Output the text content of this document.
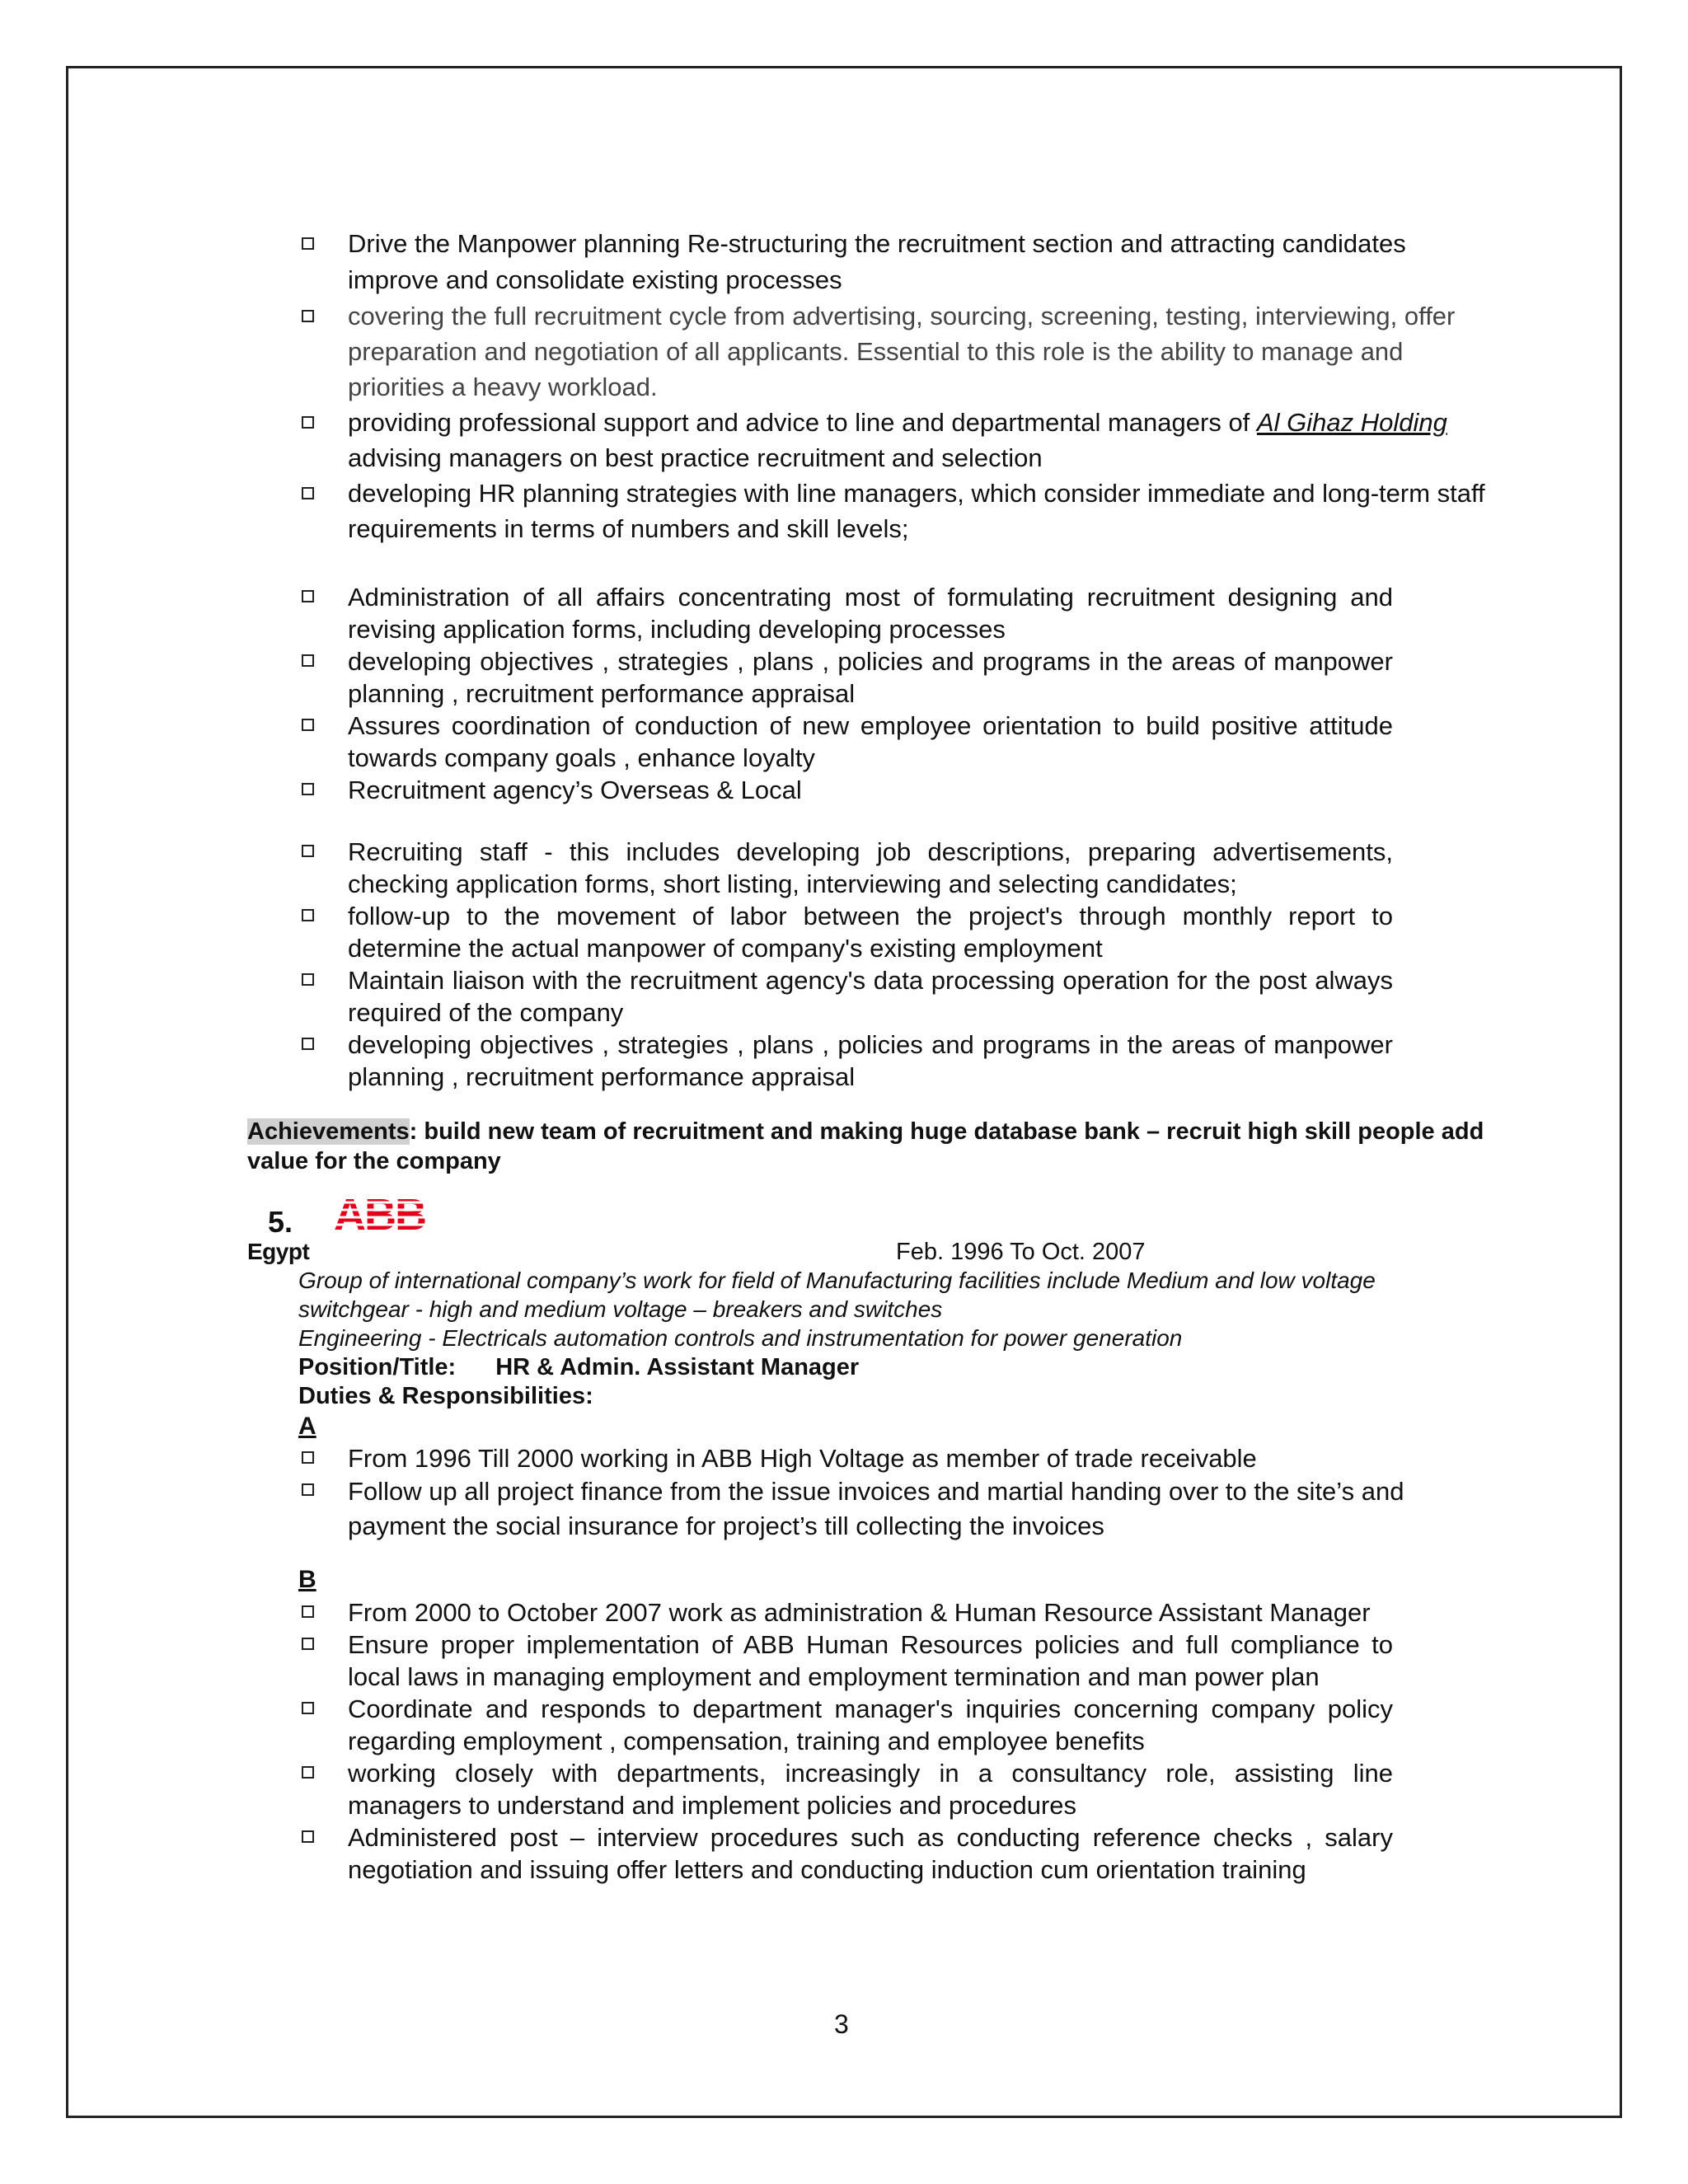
Drive the Manpower planning Re-structuring the recruitment section and attracting candidates improve and consolidate existing processes
covering the full recruitment cycle from advertising, sourcing, screening, testing, interviewing, offer preparation and negotiation of all applicants. Essential to this role is the ability to manage and priorities a heavy workload.
providing professional support and advice to line and departmental managers of Al Gihaz Holding advising managers on best practice recruitment and selection
developing HR planning strategies with line managers, which consider immediate and long-term staff requirements in terms of numbers and skill levels;
Administration of all affairs concentrating most of formulating recruitment designing and revising application forms, including developing processes
developing objectives , strategies , plans , policies and programs in the areas of manpower planning , recruitment performance appraisal
Assures coordination of conduction of new employee orientation to build positive attitude towards company goals , enhance loyalty
Recruitment agency’s Overseas & Local
Recruiting staff - this includes developing job descriptions, preparing advertisements, checking application forms, short listing, interviewing and selecting candidates;
follow-up to the movement of labor between the project's through monthly report to determine the actual manpower of company's existing employment
Maintain liaison with the recruitment agency's data processing operation for the post always required of the company
developing objectives , strategies , plans , policies and programs in the areas of manpower planning , recruitment performance appraisal
Achievements: build new team of recruitment and making huge database bank – recruit high skill people add value for the company
5. ABB
Egypt	Feb. 1996 To Oct. 2007
Group of international company’s work for field of Manufacturing facilities include Medium and low voltage
switchgear - high and medium voltage – breakers and switches
Engineering - Electricals automation controls and instrumentation for power generation
Position/Title: HR & Admin. Assistant Manager
Duties & Responsibilities:
A
From 1996 Till 2000 working in ABB High Voltage as member of trade receivable
Follow up all project finance from the issue invoices and martial handing over to the site’s and payment the social insurance for project’s till collecting the invoices
B
From 2000 to October 2007 work as administration & Human Resource Assistant Manager
Ensure proper implementation of ABB Human Resources policies and full compliance to local laws in managing employment and employment termination and man power plan
Coordinate and responds to department manager's inquiries concerning company policy regarding employment , compensation, training and employee benefits
working closely with departments, increasingly in a consultancy role, assisting line managers to understand and implement policies and procedures
Administered post – interview procedures such as conducting reference checks , salary negotiation and issuing offer letters and conducting induction cum orientation training
3
